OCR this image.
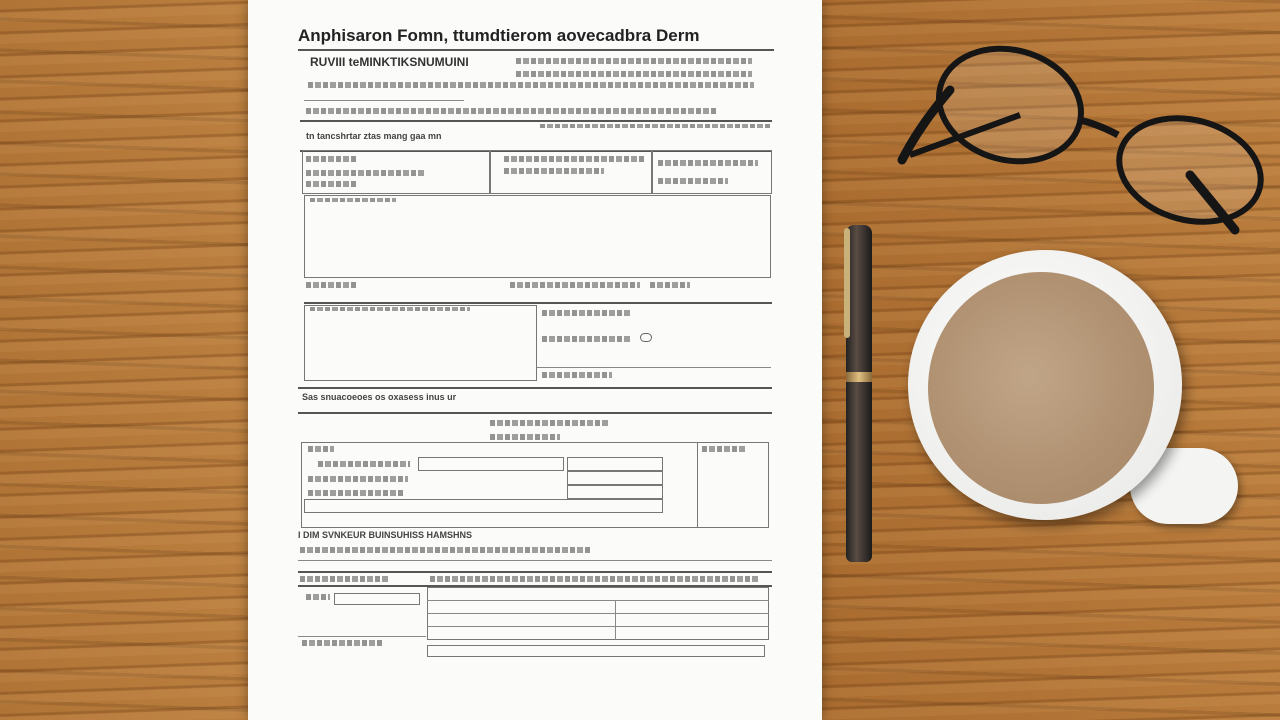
Anphisaron Fomn, ttumdtierom aovecadbra Derm
RUVIII teMINKTIKSNUMUINI
tn tancshrtar ztas mang gaa mn
Sas snuacoeoes os oxasess inus ur
I DIM SVNKEUR BUINSUHISS HAMSHNS
